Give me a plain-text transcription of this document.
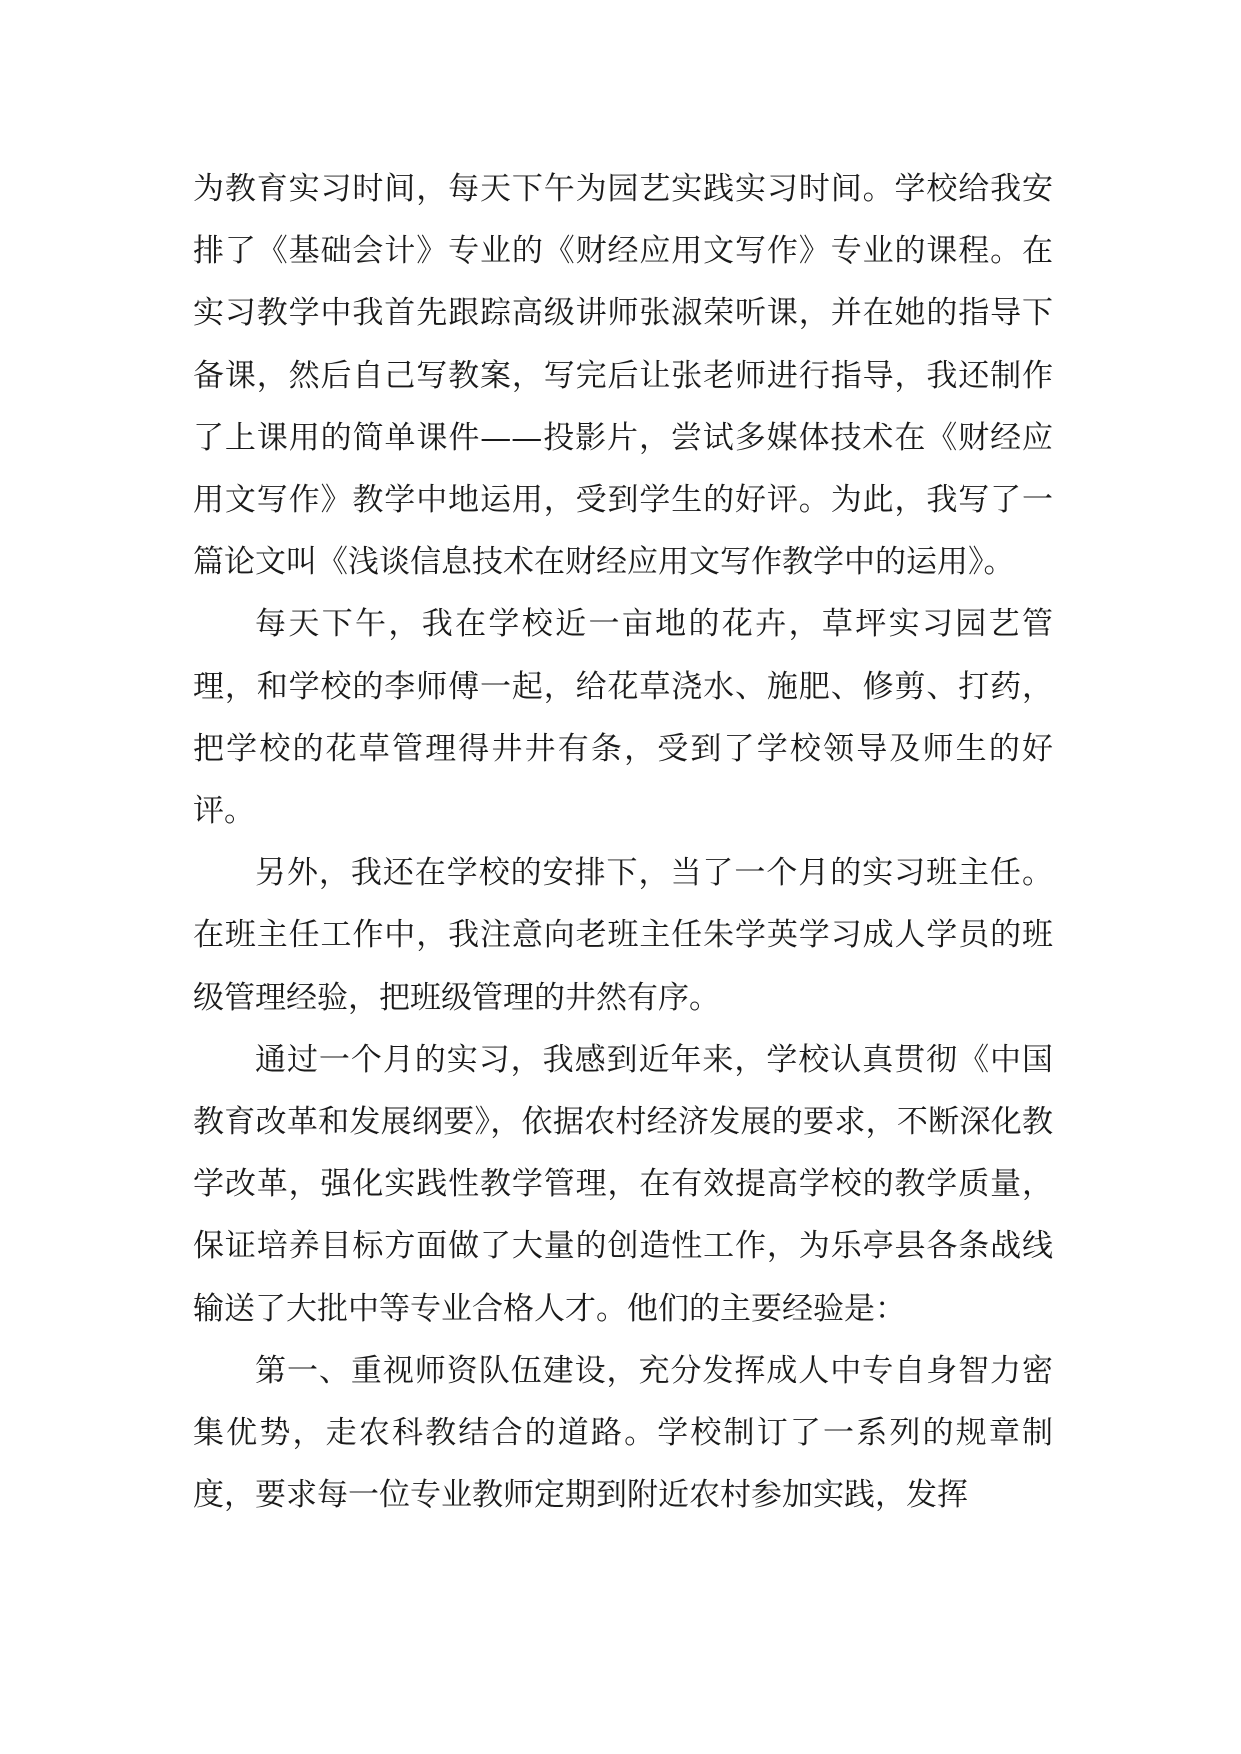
为教育实习时间，每天下午为园艺实践实习时间。学校给我安排了《基础会计》专业的《财经应用文写作》专业的课程。在实习教学中我首先跟踪高级讲师张淑荣听课，并在她的指导下备课，然后自己写教案，写完后让张老师进行指导，我还制作了上课用的简单课件——投影片，尝试多媒体技术在《财经应用文写作》教学中地运用，受到学生的好评。为此，我写了一篇论文叫《浅谈信息技术在财经应用文写作教学中的运用》。

每天下午，我在学校近一亩地的花卉，草坪实习园艺管理，和学校的李师傅一起，给花草浇水、施肥、修剪、打药，把学校的花草管理得井井有条，受到了学校领导及师生的好评。

另外，我还在学校的安排下，当了一个月的实习班主任。在班主任工作中，我注意向老班主任朱学英学习成人学员的班级管理经验，把班级管理的井然有序。

通过一个月的实习，我感到近年来，学校认真贯彻《中国教育改革和发展纲要》，依据农村经济发展的要求，不断深化教学改革，强化实践性教学管理，在有效提高学校的教学质量，保证培养目标方面做了大量的创造性工作，为乐亭县各条战线输送了大批中等专业合格人才。他们的主要经验是：

第一、重视师资队伍建设，充分发挥成人中专自身智力密集优势，走农科教结合的道路。学校制订了一系列的规章制度，要求每一位专业教师定期到附近农村参加实践，发挥
